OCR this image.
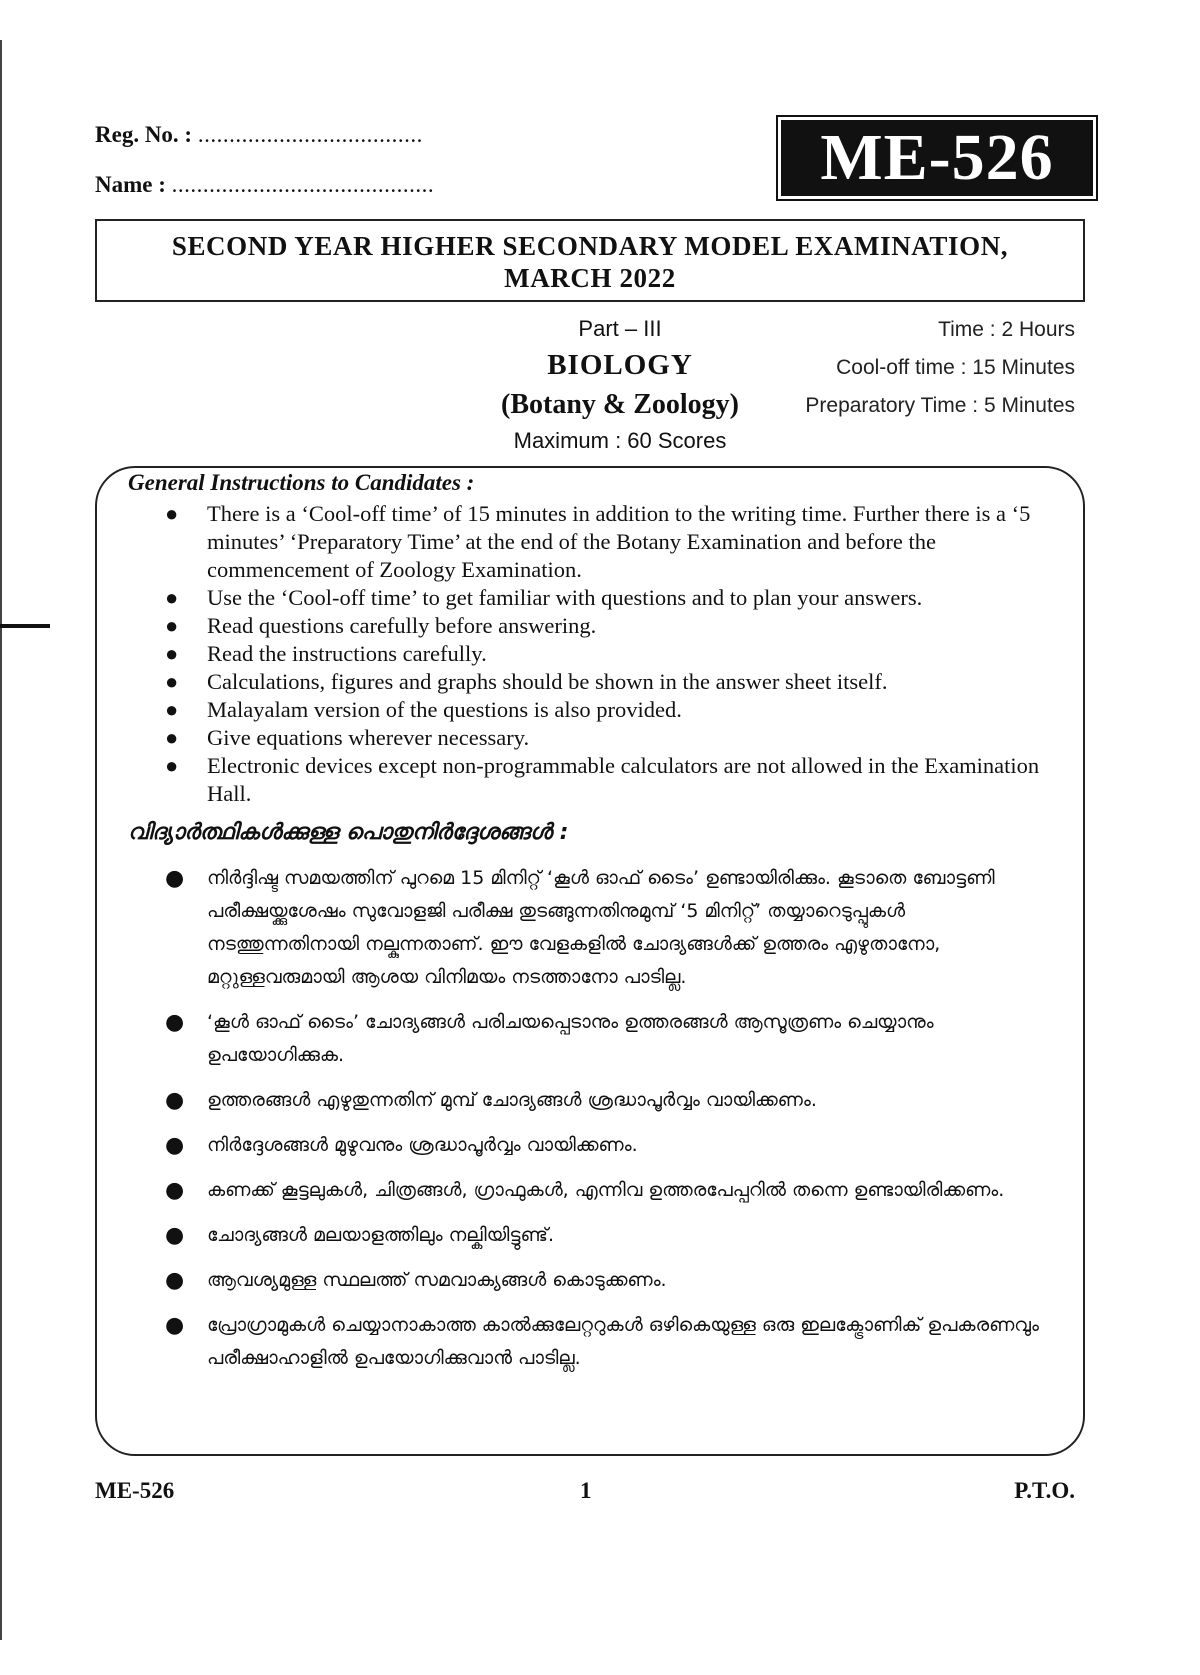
Reg. No. : ....................................
Name : ..........................................	ME-526
SECOND YEAR HIGHER SECONDARY MODEL EXAMINATION,
MARCH 2022
Part – III
BIOLOGY
(Botany & Zoology)
Maximum : 60 Scores
Time : 2 Hours
Cool-off time : 15 Minutes
Preparatory Time : 5 Minutes
General Instructions to Candidates :
● There is a ‘Cool-off time’ of 15 minutes in addition to the writing time. Further there is a ‘5 minutes’ ‘Preparatory Time’ at the end of the Botany Examination and before the commencement of Zoology Examination.
● Use the ‘Cool-off time’ to get familiar with questions and to plan your answers.
● Read questions carefully before answering.
● Read the instructions carefully.
● Calculations, figures and graphs should be shown in the answer sheet itself.
● Malayalam version of the questions is also provided.
● Give equations wherever necessary.
● Electronic devices except non-programmable calculators are not allowed in the Examination Hall.
വിദ്യാർത്ഥികൾക്കുള്ള പൊതുനിർദ്ദേശങ്ങൾ :
● നിർദ്ദിഷ്ട സമയത്തിന് പുറമെ 15 മിനിറ്റ് ‘കൂൾ ഓഫ് ടൈം’ ഉണ്ടായിരിക്കും. കൂടാതെ ബോട്ടണി പരീക്ഷയ്ക്കുശേഷം സുവോളജി പരീക്ഷ തുടങ്ങുന്നതിനുമുമ്പ് ‘5 മിനിറ്റ്’ തയ്യാറെടുപ്പുകൾ നടത്തുന്നതിനായി നല്കുന്നതാണ്. ഈ വേളകളിൽ ചോദ്യങ്ങൾക്ക് ഉത്തരം എഴുതാനോ, മറ്റുള്ളവരുമായി ആശയ വിനിമയം നടത്താനോ പാടില്ല.
● ‘കൂൾ ഓഫ് ടൈം’ ചോദ്യങ്ങൾ പരിചയപ്പെടാനും ഉത്തരങ്ങൾ ആസൂത്രണം ചെയ്യാനും ഉപയോഗിക്കുക.
● ഉത്തരങ്ങൾ എഴുതുന്നതിന് മുമ്പ് ചോദ്യങ്ങൾ ശ്രദ്ധാപൂർവ്വം വായിക്കണം.
● നിർദ്ദേശങ്ങൾ മുഴുവനും ശ്രദ്ധാപൂർവ്വം വായിക്കണം.
● കണക്ക് കൂട്ടലുകൾ, ചിത്രങ്ങൾ, ഗ്രാഫുകൾ, എന്നിവ ഉത്തരപേപ്പറിൽ തന്നെ ഉണ്ടായിരിക്കണം.
● ചോദ്യങ്ങൾ മലയാളത്തിലും നല്കിയിട്ടുണ്ട്.
● ആവശ്യമുള്ള സ്ഥലത്ത് സമവാക്യങ്ങൾ കൊടുക്കണം.
● പ്രോഗ്രാമുകൾ ചെയ്യാനാകാത്ത കാൽക്കുലേറ്ററുകൾ ഒഴികെയുള്ള ഒരു ഇലക്ട്രോണിക് ഉപകരണവും പരീക്ഷാഹാളിൽ ഉപയോഗിക്കുവാൻ പാടില്ല.
ME-526	1	P.T.O.
